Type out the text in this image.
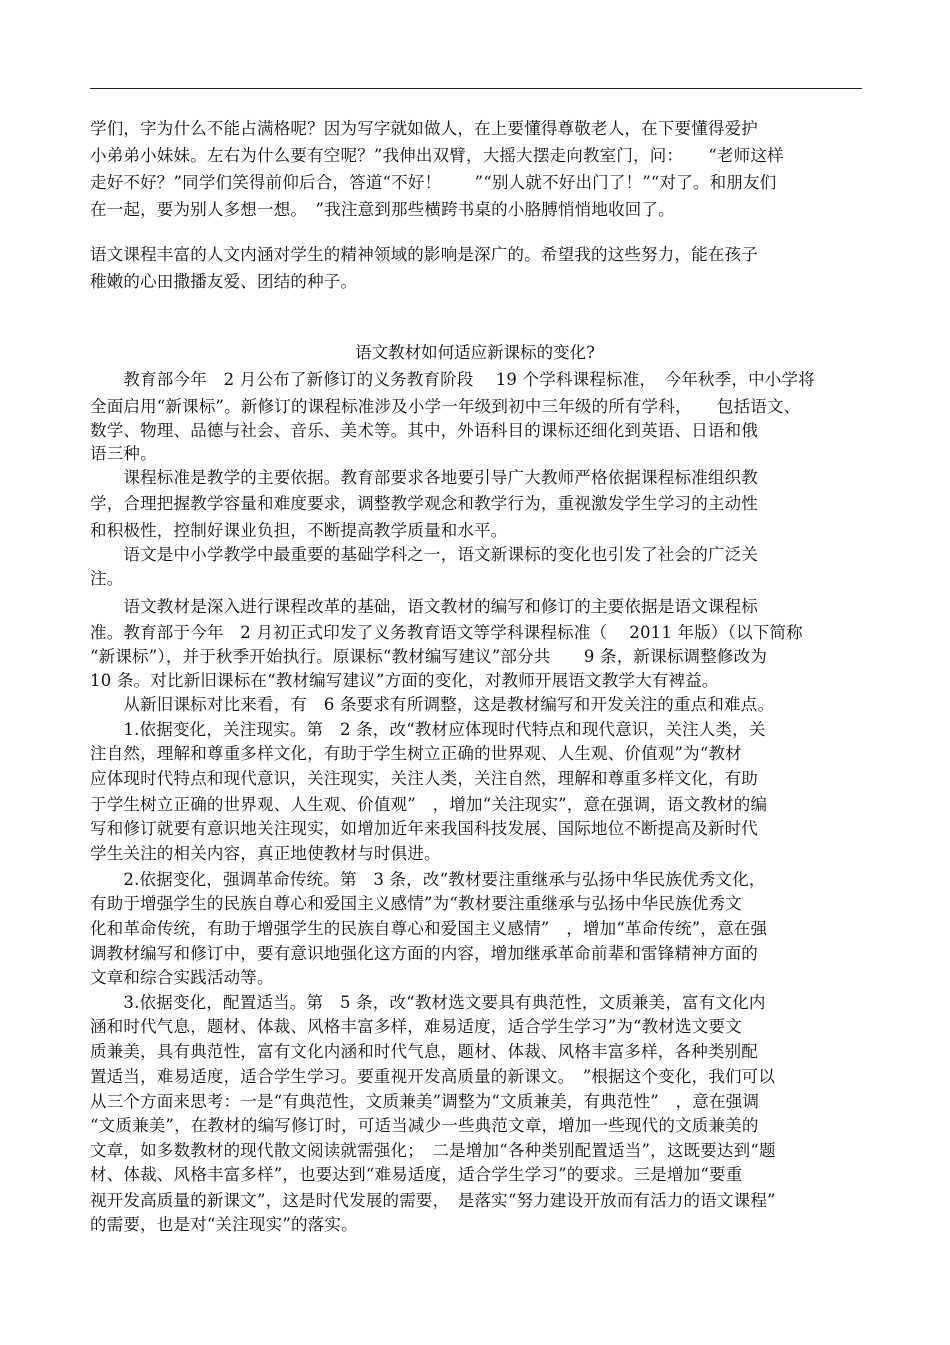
学们，字为什么不能占满格呢？因为写字就如做人，在上要懂得尊敬老人，在下要懂得爱护
小弟弟小妹妹。左右为什么要有空呢？”我伸出双臂，大摇大摆走向教室门，问：　　“老师这样
走好不好？”同学们笑得前仰后合，答道“不好！　　”“别人就不好出门了！”“对了。和朋友们
在一起，要为别人多想一想。　”我注意到那些横跨书桌的小胳膊悄悄地收回了。
语文课程丰富的人文内涵对学生的精神领域的影响是深广的。希望我的这些努力，能在孩子
稚嫩的心田撒播友爱、团结的种子。
语文教材如何适应新课标的变化?
　　教育部今年　2 月公布了新修订的义务教育阶段　 19 个学科课程标准，　今年秋季，中小学将
全面启用“新课标”。新修订的课程标准涉及小学一年级到初中三年级的所有学科，　　包括语文、
数学、物理、品德与社会、音乐、美术等。其中，外语科目的课标还细化到英语、日语和俄
语三种。
　　课程标准是教学的主要依据。教育部要求各地要引导广大教师严格依据课程标准组织教
学，合理把握教学容量和难度要求，调整教学观念和教学行为，重视激发学生学习的主动性
和积极性，控制好课业负担，不断提高教学质量和水平。
　　语文是中小学教学中最重要的基础学科之一，语文新课标的变化也引发了社会的广泛关
注。
　　语文教材是深入进行课程改革的基础，语文教材的编写和修订的主要依据是语文课程标
准。教育部于今年　2 月初正式印发了义务教育语文等学科课程标准（　 2011 年版）（以下简称
“新课标”），并于秋季开始执行。原课标“教材编写建议”部分共　　9 条，新课标调整修改为
10 条。对比新旧课标在“教材编写建议”方面的变化，对教师开展语文教学大有裨益。
　　从新旧课标对比来看，有　6 条要求有所调整，这是教材编写和开发关注的重点和难点。
　　1.依据变化，关注现实。第　2 条，改“教材应体现时代特点和现代意识，关注人类，关
注自然，理解和尊重多样文化，有助于学生树立正确的世界观、人生观、价值观”为“教材
应体现时代特点和现代意识，关注现实，关注人类，关注自然，理解和尊重多样文化，有助
于学生树立正确的世界观、人生观、价值观”　，增加“关注现实”，意在强调，语文教材的编
写和修订就要有意识地关注现实，如增加近年来我国科技发展、国际地位不断提高及新时代
学生关注的相关内容，真正地使教材与时俱进。
　　2.依据变化，强调革命传统。第　3 条，改“教材要注重继承与弘扬中华民族优秀文化，
有助于增强学生的民族自尊心和爱国主义感情”为“教材要注重继承与弘扬中华民族优秀文
化和革命传统，有助于增强学生的民族自尊心和爱国主义感情”　，增加“革命传统”，意在强
调教材编写和修订中，要有意识地强化这方面的内容，增加继承革命前辈和雷锋精神方面的
文章和综合实践活动等。
　　3.依据变化，配置适当。第　5 条，改“教材选文要具有典范性，文质兼美，富有文化内
涵和时代气息，题材、体裁、风格丰富多样，难易适度，适合学生学习”为“教材选文要文
质兼美，具有典范性，富有文化内涵和时代气息，题材、体裁、风格丰富多样，各种类别配
置适当，难易适度，适合学生学习。要重视开发高质量的新课文。　”根据这个变化，我们可以
从三个方面来思考：一是“有典范性，文质兼美”调整为“文质兼美，有典范性”　，意在强调
“文质兼美”，在教材的编写修订时，可适当减少一些典范文章，增加一些现代的文质兼美的
文章，如多数教材的现代散文阅读就需强化；　二是增加“各种类别配置适当”，这既要达到“题
材、体裁、风格丰富多样”，也要达到“难易适度，适合学生学习”的要求。三是增加“要重
视开发高质量的新课文”，这是时代发展的需要，　是落实“努力建设开放而有活力的语文课程”
的需要，也是对“关注现实”的落实。
